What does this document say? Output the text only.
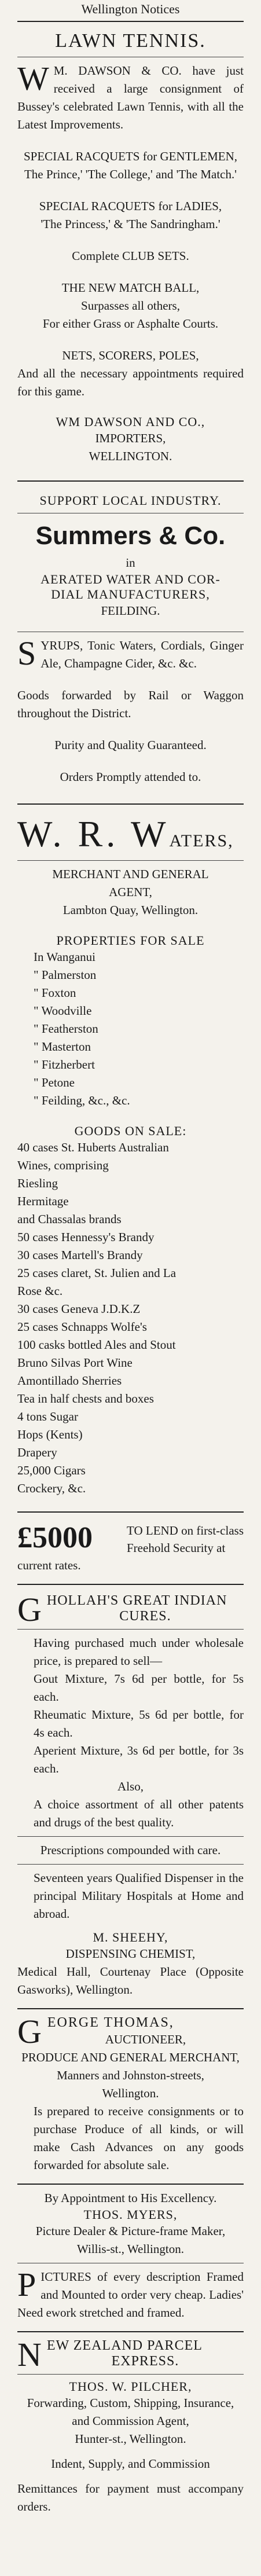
Wellington Notices
LAWN TENNIS.
W M. DAWSON & CO. have just received a large consignment of Bussey's celebrated Lawn Tennis, with all the Latest Improvements.
SPECIAL RACQUETS for GENTLEMEN,
The Prince,' 'The College,' and 'The Match.'
SPECIAL RACQUETS for LADIES,
'The Princess,' & 'The Sandringham.'
Complete CLUB SETS.
THE NEW MATCH BALL,
Surpasses all others,
For either Grass or Asphalte Courts.
NETS, SCORERS, POLES,
And all the necessary appointments required for this game.
WM DAWSON AND CO.,
IMPORTERS,
WELLINGTON.
SUPPORT LOCAL INDUSTRY.
Summers & Co.
in
AERATED WATER AND COR-
DIAL MANUFACTURERS,
FEILDING.
SYRUPS, Tonic Waters, Cordials, Ginger Ale, Champagne Cider, &c. &c.
Goods forwarded by Rail or Waggon throughout the District.
Purity and Quality Guaranteed.
Orders Promptly attended to.
W. R. WATERS,
MERCHANT AND GENERAL
AGENT,
Lambton Quay, Wellington.
PROPERTIES FOR SALE
In Wanganui
" Palmerston
" Foxton
" Woodville
" Featherston
" Masterton
" Fitzherbert
" Petone
" Feilding, &c., &c.
GOODS ON SALE:
40 cases St. Huberts Australian
Wines, comprising
Riesling
Hermitage
and Chassalas brands
50 cases Hennessy's Brandy
30 cases Martell's Brandy
25 cases claret, St. Julien and La
Rose &c.
30 cases Geneva J.D.K.Z
25 cases Schnapps Wolfe's
100 casks bottled Ales and Stout
Bruno Silvas Port Wine
Amontillado Sherries
Tea in half chests and boxes
4 tons Sugar
Hops (Kents)
Drapery
25,000 Cigars
Crockery, &c.
£5000	TO LEND on first-class
Freehold Security at
current rates.
GHOLLAH'S GREAT INDIAN
CURES.
Having purchased much under wholesale price, is prepared to sell—
Gout Mixture, 7s 6d per bottle, for 5s each.
Rheumatic Mixture, 5s 6d per bottle, for 4s each.
Aperient Mixture, 3s 6d per bottle, for 3s each.
Also,
A choice assortment of all other patents and drugs of the best quality.
Prescriptions compounded with care.
Seventeen years Qualified Dispenser in the principal Military Hospitals at Home and abroad.
M. SHEEHY,
DISPENSING CHEMIST,
Medical Hall, Courtenay Place (Opposite Gasworks), Wellington.
GEORGE THOMAS,
AUCTIONEER,
PRODUCE AND GENERAL MERCHANT,
Manners and Johnston-streets,
Wellington.
Is prepared to receive consignments or to purchase Produce of all kinds, or will make Cash Advances on any goods forwarded for absolute sale.
By Appointment to His Excellency.
THOS. MYERS,
Picture Dealer & Picture-frame Maker,
Willis-st., Wellington.
PICTURES of every description Framed and Mounted to order very cheap. Ladies' Need ework stretched and framed.
NEW ZEALAND PARCEL
EXPRESS.
THOS. W. PILCHER,
Forwarding, Custom, Shipping, Insurance, and Commission Agent,
Hunter-st., Wellington.
Indent, Supply, and Commission
Remittances for payment must accompany orders.
